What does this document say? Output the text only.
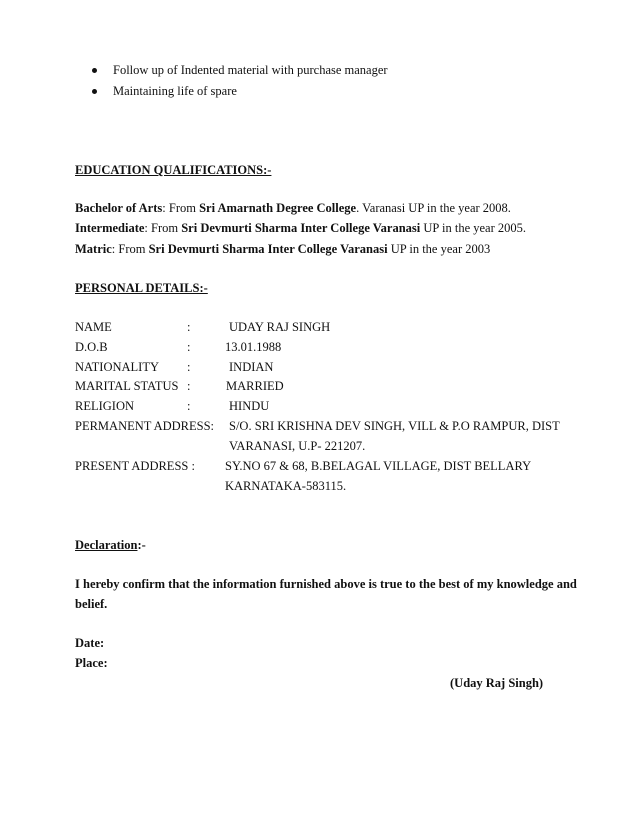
Follow up of Indented material with purchase manager
Maintaining life of spare
EDUCATION QUALIFICATIONS:-
Bachelor of Arts: From Sri Amarnath Degree College. Varanasi UP in the year 2008.
Intermediate: From Sri Devmurti Sharma Inter College Varanasi UP in the year 2005.
Matric: From Sri Devmurti Sharma Inter College Varanasi UP in the year 2003
PERSONAL DETAILS:-
NAME	:	UDAY RAJ SINGH
D.O.B	:	13.01.1988
NATIONALITY :	INDIAN
MARITAL STATUS :	MARRIED
RELIGION	:	HINDU
PERMANENT ADDRESS: S/O. SRI KRISHNA DEV SINGH, VILL & P.O RAMPUR, DIST
VARANASI, U.P- 221207.
PRESENT ADDRESS : SY.NO 67 & 68, B.BELAGAL VILLAGE, DIST BELLARY
KARNATAKA-583115.
Declaration:-
I hereby confirm that the information furnished above is true to the best of my knowledge and
belief.
Date:
Place:
(Uday Raj Singh)
